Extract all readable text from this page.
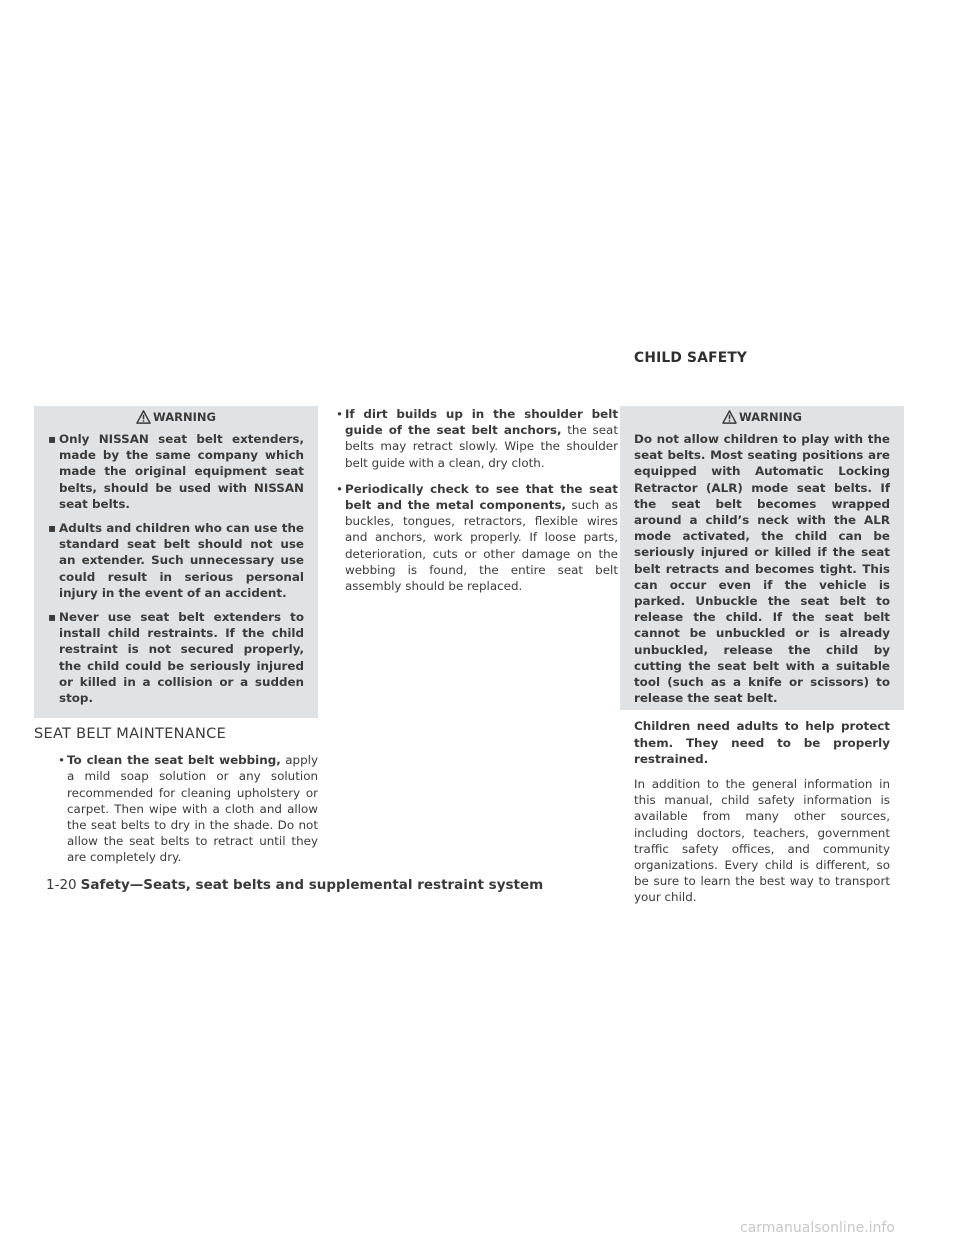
CHILD SAFETY
WARNING
▪ Only NISSAN seat belt extenders, made by the same company which made the original equipment seat belts, should be used with NISSAN seat belts.
▪ Adults and children who can use the standard seat belt should not use an extender. Such unnecessary use could result in serious personal injury in the event of an accident.
▪ Never use seat belt extenders to install child restraints. If the child restraint is not secured properly, the child could be seriously injured or killed in a collision or a sudden stop.
SEAT BELT MAINTENANCE
• To clean the seat belt webbing, apply a mild soap solution or any solution recommended for cleaning upholstery or carpet. Then wipe with a cloth and allow the seat belts to dry in the shade. Do not allow the seat belts to retract until they are completely dry.
• If dirt builds up in the shoulder belt guide of the seat belt anchors, the seat belts may retract slowly. Wipe the shoulder belt guide with a clean, dry cloth.
• Periodically check to see that the seat belt and the metal components, such as buckles, tongues, retractors, flexible wires and anchors, work properly. If loose parts, deterioration, cuts or other damage on the webbing is found, the entire seat belt assembly should be replaced.
WARNING

Do not allow children to play with the seat belts. Most seating positions are equipped with Automatic Locking Retractor (ALR) mode seat belts. If the seat belt becomes wrapped around a child’s neck with the ALR mode activated, the child can be seriously injured or killed if the seat belt retracts and becomes tight. This can occur even if the vehicle is parked. Unbuckle the seat belt to release the child. If the seat belt cannot be unbuckled or is already unbuckled, release the child by cutting the seat belt with a suitable tool (such as a knife or scissors) to release the seat belt.

Children need adults to help protect them. They need to be properly restrained.

In addition to the general information in this manual, child safety information is available from many other sources, including doctors, teachers, government traffic safety offices, and community organizations. Every child is different, so be sure to learn the best way to transport your child.

1-20 Safety—Seats, seat belts and supplemental restraint system
carmanualsonline.info
